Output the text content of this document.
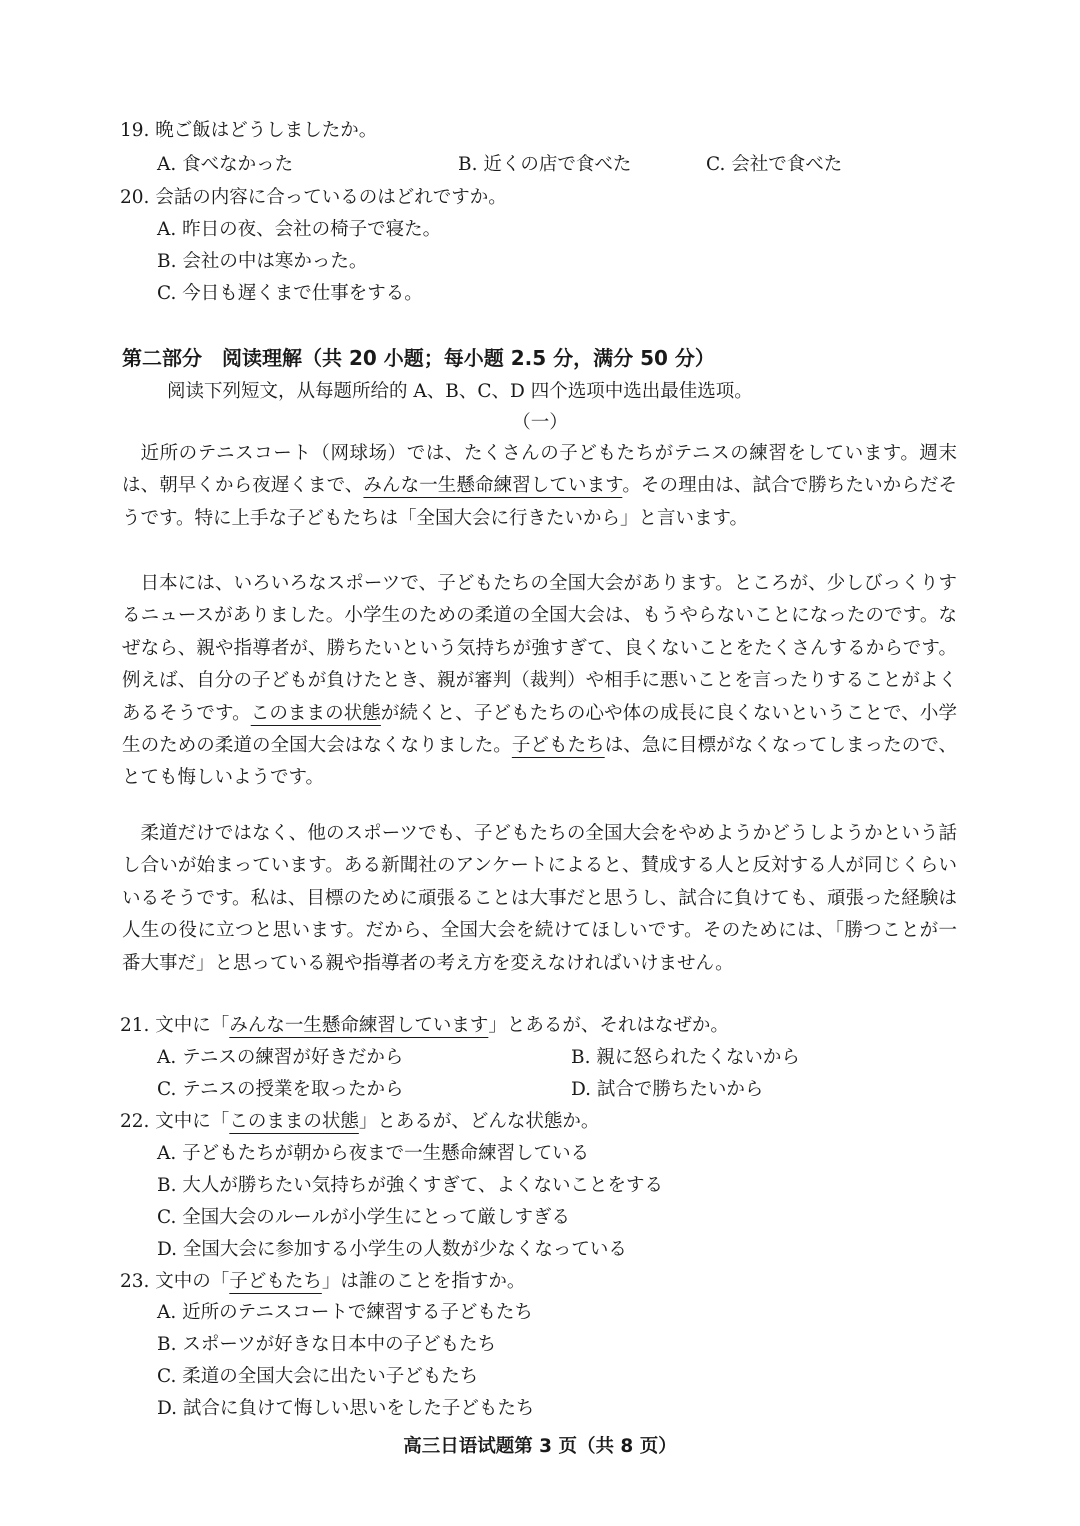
19. 晩ご飯はどうしましたか。
A. 食べなかった	B. 近くの店で食べた	C. 会社で食べた
20. 会話の内容に合っているのはどれですか。
A. 昨日の夜、会社の椅子で寝た。
B. 会社の中は寒かった。
C. 今日も遅くまで仕事をする。
第二部分　阅读理解（共 20 小题；每小题 2.5 分，满分 50 分）
阅读下列短文，从每题所给的 A、B、C、D 四个选项中选出最佳选项。
（一）
近所のテニスコート（网球场）では、たくさんの子どもたちがテニスの練習をしています。週末は、朝早くから夜遅くまで、みんな一生懸命練習しています。その理由は、試合で勝ちたいからだそうです。特に上手な子どもたちは「全国大会に行きたいから」と言います。
日本には、いろいろなスポーツで、子どもたちの全国大会があります。ところが、少しびっくりするニュースがありました。小学生のための柔道の全国大会は、もうやらないことになったのです。なぜなら、親や指導者が、勝ちたいという気持ちが強すぎて、良くないことをたくさんするからです。例えば、自分の子どもが負けたとき、親が審判（裁判）や相手に悪いことを言ったりすることがよくあるそうです。このままの状態が続くと、子どもたちの心や体の成長に良くないということで、小学生のための柔道の全国大会はなくなりました。子どもたちは、急に目標がなくなってしまったので、とても悔しいようです。
柔道だけではなく、他のスポーツでも、子どもたちの全国大会をやめようかどうしようかという話し合いが始まっています。ある新聞社のアンケートによると、賛成する人と反対する人が同じくらいいるそうです。私は、目標のために頑張ることは大事だと思うし、試合に負けても、頑張った経験は人生の役に立つと思います。だから、全国大会を続けてほしいです。そのためには、「勝つことが一番大事だ」と思っている親や指導者の考え方を変えなければいけません。
21. 文中に「みんな一生懸命練習しています」とあるが、それはなぜか。
A. テニスの練習が好きだから	B. 親に怒られたくないから
C. テニスの授業を取ったから	D. 試合で勝ちたいから
22. 文中に「このままの状態」とあるが、どんな状態か。
A. 子どもたちが朝から夜まで一生懸命練習している
B. 大人が勝ちたい気持ちが強くすぎて、よくないことをする
C. 全国大会のルールが小学生にとって厳しすぎる
D. 全国大会に参加する小学生の人数が少なくなっている
23. 文中の「子どもたち」は誰のことを指すか。
A. 近所のテニスコートで練習する子どもたち
B. スポーツが好きな日本中の子どもたち
C. 柔道の全国大会に出たい子どもたち
D. 試合に負けて悔しい思いをした子どもたち
高三日语试题第 3 页（共 8 页）
